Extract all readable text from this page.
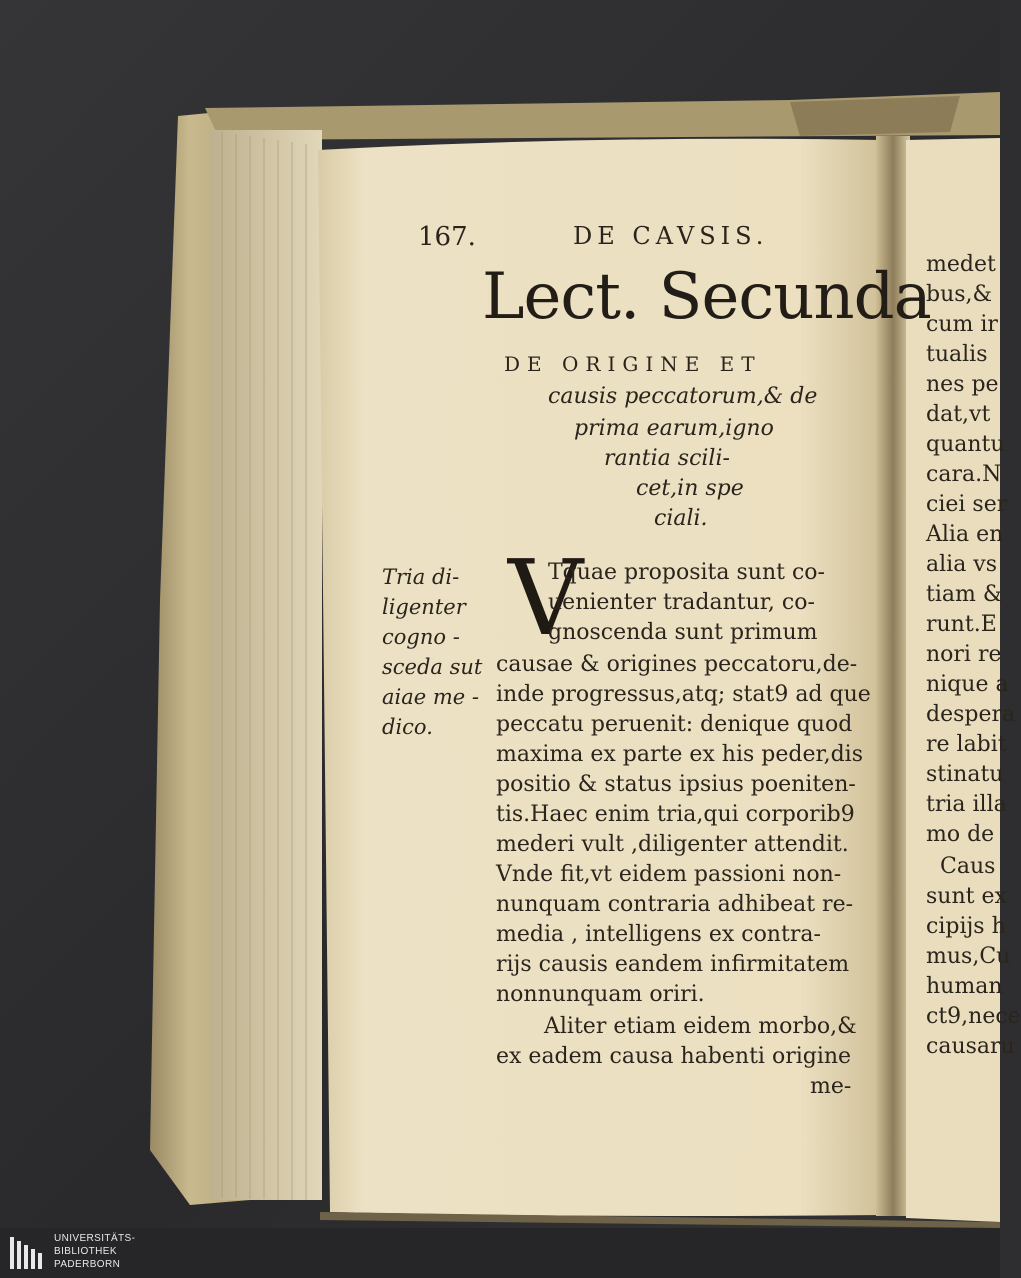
167.	DE CAVSIS.
Lect. Secunda
DE ORIGINE ET
causis peccatorum,& de
prima earum,igno
rantia scili-
cet,in spe
ciali.
Tria di-
ligenter
cogno -
sceda sut
aiae me -
dico.
V
Tquae proposita sunt co-
uenienter tradantur, co-
gnoscenda sunt primum
causae & origines peccatoru,de-
inde progressus,atq; stat9 ad que
peccatu peruenit: denique quod
maxima ex parte ex his peder,dis
positio & status ipsius poeniten-
tis.Haec enim tria,qui corporib9
mederi vult ,diligenter attendit.
Vnde fit,vt eidem passioni non-
nunquam contraria adhibeat re-
media , intelligens ex contra-
rijs causis eandem infirmitatem
nonnunquam oriri.
Aliter etiam eidem morbo,&
ex eadem causa habenti origine
me-
medet
bus,&
cum ir
tualis
nes pe
dat,vt
quantu
cara.N
ciei ser
Alia en
alia vs
tiam &
runt.E
nori re
nique a
despera
re labit
stinatu
tria illa
mo de
Caus
sunt ex
cipijs h
mus,Cu
human
ct9,nece
causaru
UNIVERSITÄTS-
BIBLIOTHEK
PADERBORN
